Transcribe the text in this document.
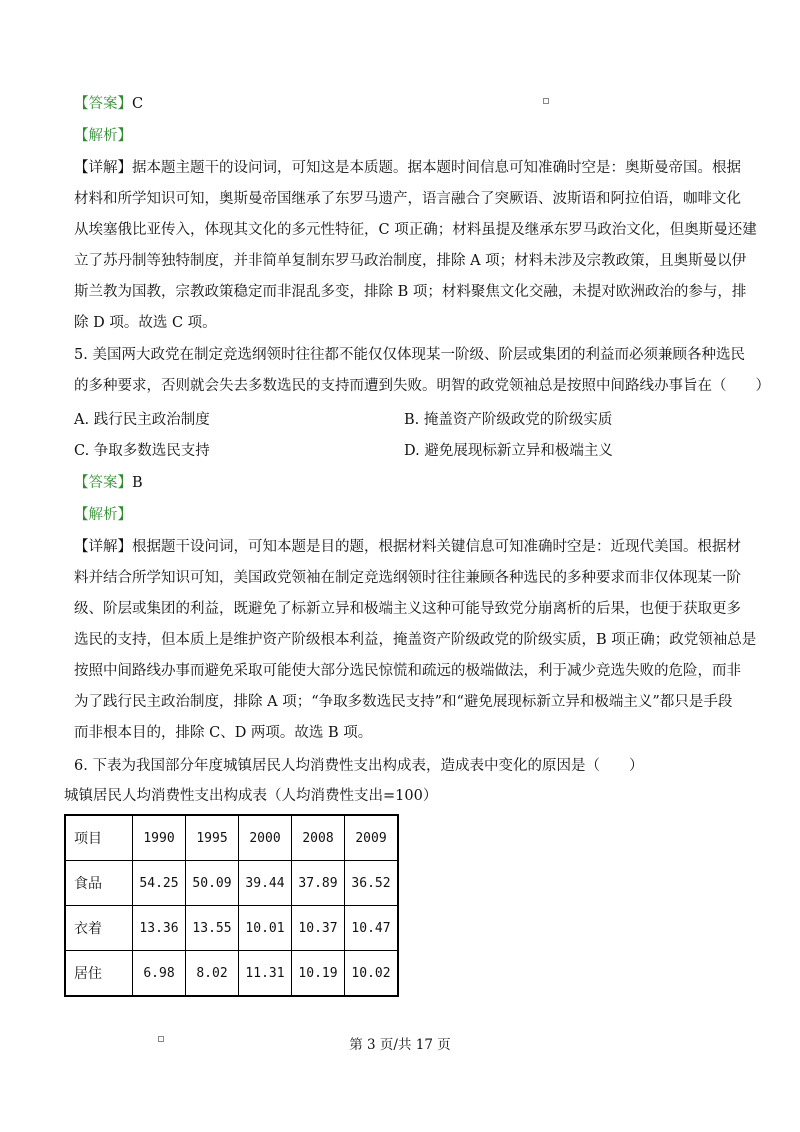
【答案】C
【解析】
【详解】据本题主题干的设问词，可知这是本质题。据本题时间信息可知准确时空是：奥斯曼帝国。根据
材料和所学知识可知，奥斯曼帝国继承了东罗马遗产，语言融合了突厥语、波斯语和阿拉伯语，咖啡文化
从埃塞俄比亚传入，体现其文化的多元性特征，C 项正确；材料虽提及继承东罗马政治文化，但奥斯曼还建
立了苏丹制等独特制度，并非简单复制东罗马政治制度，排除 A 项；材料未涉及宗教政策，且奥斯曼以伊
斯兰教为国教，宗教政策稳定而非混乱多变，排除 B 项；材料聚焦文化交融，未提对欧洲政治的参与，排
除 D 项。故选 C 项。
5. 美国两大政党在制定竞选纲领时往往都不能仅仅体现某一阶级、阶层或集团的利益而必须兼顾各种选民
的多种要求，否则就会失去多数选民的支持而遭到失败。明智的政党领袖总是按照中间路线办事旨在（　　）
A. 践行民主政治制度	B. 掩盖资产阶级政党的阶级实质
C. 争取多数选民支持	D. 避免展现标新立异和极端主义
【答案】B
【解析】
【详解】根据题干设问词，可知本题是目的题，根据材料关键信息可知准确时空是：近现代美国。根据材
料并结合所学知识可知，美国政党领袖在制定竞选纲领时往往兼顾各种选民的多种要求而非仅体现某一阶
级、阶层或集团的利益，既避免了标新立异和极端主义这种可能导致党分崩离析的后果，也便于获取更多
选民的支持，但本质上是维护资产阶级根本利益，掩盖资产阶级政党的阶级实质，B 项正确；政党领袖总是
按照中间路线办事而避免采取可能使大部分选民惊慌和疏远的极端做法，利于减少竞选失败的危险，而非
为了践行民主政治制度，排除 A 项；“争取多数选民支持”和“避免展现标新立异和极端主义”都只是手段
而非根本目的，排除 C、D 两项。故选 B 项。
6. 下表为我国部分年度城镇居民人均消费性支出构成表，造成表中变化的原因是（　　）
城镇居民人均消费性支出构成表（人均消费性支出=100）
项目	1990	1995	2000	2008	2009
食品	54.25	50.09	39.44	37.89	36.52
衣着	13.36	13.55	10.01	10.37	10.47
居住	6.98	8.02	11.31	10.19	10.02
第 3 页/共 17 页
